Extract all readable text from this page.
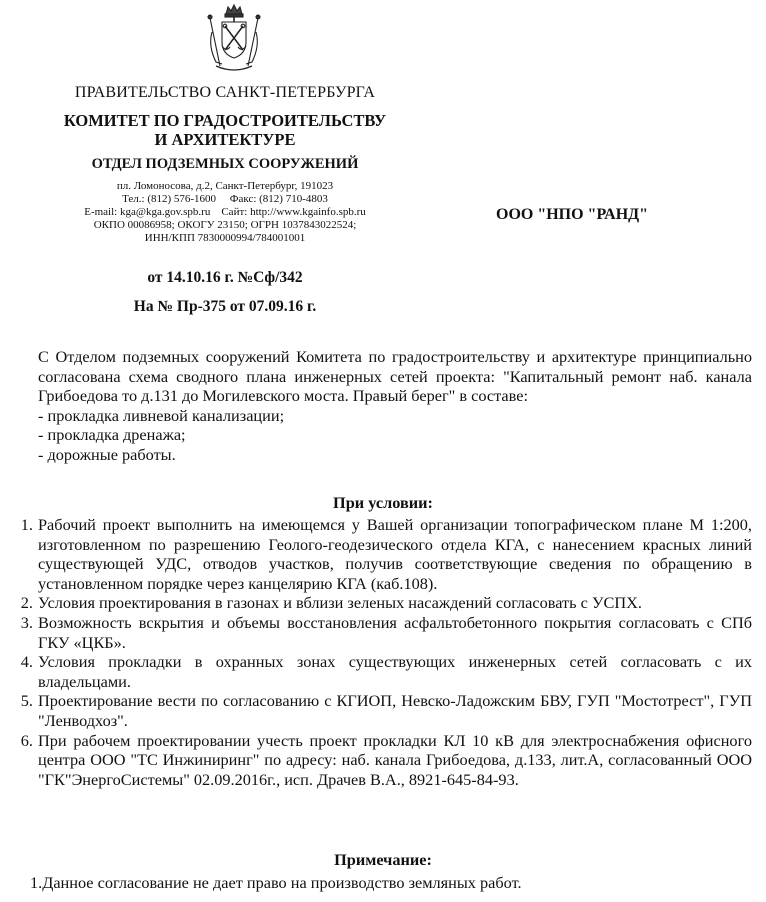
ПРАВИТЕЛЬСТВО САНКТ-ПЕТЕРБУРГА
КОМИТЕТ ПО ГРАДОСТРОИТЕЛЬСТВУ
И АРХИТЕКТУРЕ
ОТДЕЛ ПОДЗЕМНЫХ СООРУЖЕНИЙ
пл. Ломоносова, д.2, Санкт-Петербург, 191023
Тел.: (812) 576-1600     Факс: (812) 710-4803
E-mail: kga@kga.gov.spb.ru    Сайт: http://www.kgainfo.spb.ru
ОКПО 00086958; ОКОГУ 23150; ОГРН 1037843022524;
ИНН/КПП 7830000994/784001001
ООО "НПО "РАНД"
от 14.10.16 г. №Сф/342
На № Пр-375 от 07.09.16 г.

С Отделом подземных сооружений Комитета по градостроительству и архитектуре принципиально согласована схема сводного плана инженерных сетей проекта: "Капитальный ремонт наб. канала Грибоедова то д.131 до Могилевского моста. Правый берег" в составе:

- прокладка ливневой канализации;

- прокладка дренажа;

- дорожные работы.

При условии:
1. Рабочий проект выполнить на имеющемся у Вашей организации топографическом плане М 1:200, изготовленном по разрешению Геолого-геодезического отдела КГА, с нанесением красных линий существующей УДС, отводов участков, получив соответствующие сведения по обращению в установленном порядке через канцелярию КГА (каб.108).
2. Условия проектирования в газонах и вблизи зеленых насаждений согласовать с УСПХ.
3. Возможность вскрытия и объемы восстановления асфальтобетонного покрытия согласовать с СПб ГКУ «ЦКБ».
4. Условия прокладки в охранных зонах существующих инженерных сетей согласовать с их владельцами.
5. Проектирование вести по согласованию с КГИОП, Невско-Ладожским БВУ, ГУП "Мостотрест", ГУП "Ленводхоз".
6. При рабочем проектировании учесть проект прокладки КЛ 10 кВ для электроснабжения офисного центра ООО "ТС Инжиниринг" по адресу: наб. канала Грибоедова, д.133, лит.А, согласованный ООО "ГК"ЭнергоСистемы" 02.09.2016г., исп. Драчев В.А., 8921-645-84-93.
Примечание:
1.Данное согласование не дает право на производство земляных работ.
